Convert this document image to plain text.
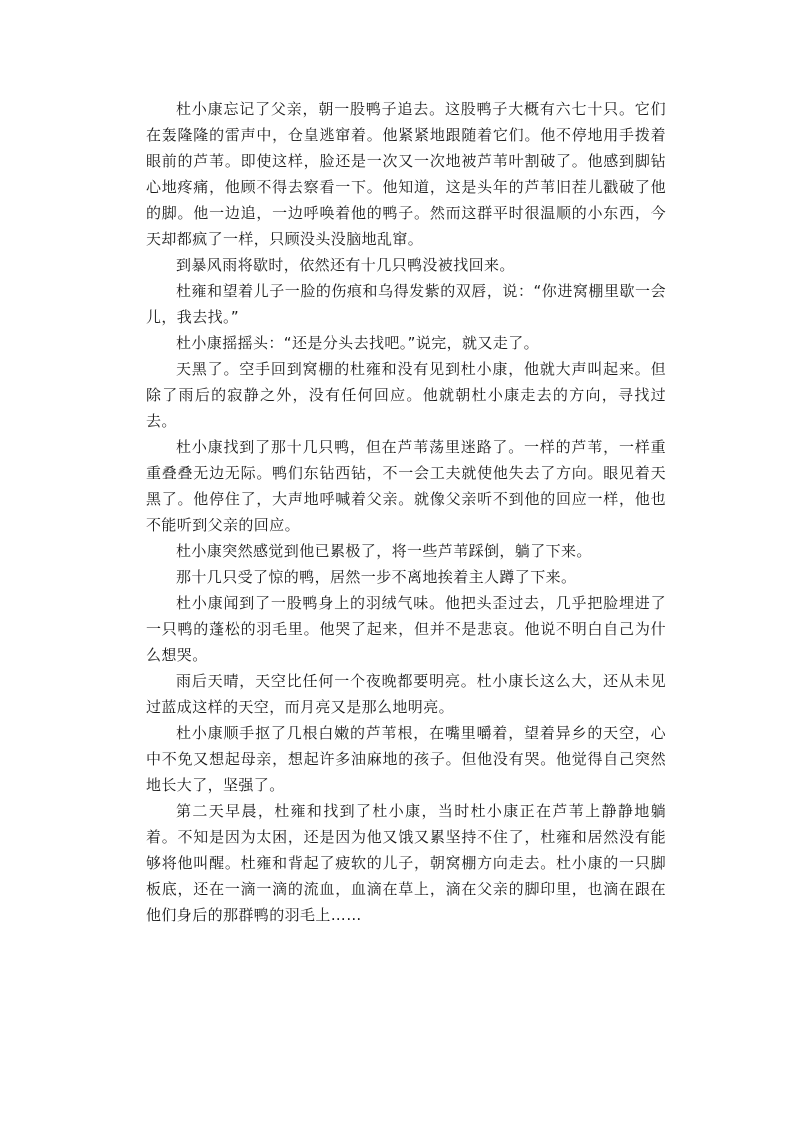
杜小康忘记了父亲，朝一股鸭子追去。这股鸭子大概有六七十只。它们在轰隆隆的雷声中，仓皇逃窜着。他紧紧地跟随着它们。他不停地用手拨着眼前的芦苇。即使这样，脸还是一次又一次地被芦苇叶割破了。他感到脚钻心地疼痛，他顾不得去察看一下。他知道，这是头年的芦苇旧茬儿戳破了他的脚。他一边追，一边呼唤着他的鸭子。然而这群平时很温顺的小东西，今天却都疯了一样，只顾没头没脑地乱窜。

到暴风雨将歇时，依然还有十几只鸭没被找回来。

杜雍和望着儿子一脸的伤痕和乌得发紫的双唇，说：“你进窝棚里歇一会儿，我去找。”

杜小康摇摇头：“还是分头去找吧。”说完，就又走了。

天黑了。空手回到窝棚的杜雍和没有见到杜小康，他就大声叫起来。但除了雨后的寂静之外，没有任何回应。他就朝杜小康走去的方向，寻找过去。

杜小康找到了那十几只鸭，但在芦苇荡里迷路了。一样的芦苇，一样重重叠叠无边无际。鸭们东钻西钻，不一会工夫就使他失去了方向。眼见着天黑了。他停住了，大声地呼喊着父亲。就像父亲听不到他的回应一样，他也不能听到父亲的回应。

杜小康突然感觉到他已累极了，将一些芦苇踩倒，躺了下来。

那十几只受了惊的鸭，居然一步不离地挨着主人蹲了下来。

杜小康闻到了一股鸭身上的羽绒气味。他把头歪过去，几乎把脸埋进了一只鸭的蓬松的羽毛里。他哭了起来，但并不是悲哀。他说不明白自己为什么想哭。

雨后天晴，天空比任何一个夜晚都要明亮。杜小康长这么大，还从未见过蓝成这样的天空，而月亮又是那么地明亮。

杜小康顺手抠了几根白嫩的芦苇根，在嘴里嚼着，望着异乡的天空，心中不免又想起母亲，想起许多油麻地的孩子。但他没有哭。他觉得自己突然地长大了，坚强了。

第二天早晨，杜雍和找到了杜小康，当时杜小康正在芦苇上静静地躺着。不知是因为太困，还是因为他又饿又累坚持不住了，杜雍和居然没有能够将他叫醒。杜雍和背起了疲软的儿子，朝窝棚方向走去。杜小康的一只脚板底，还在一滴一滴的流血，血滴在草上，滴在父亲的脚印里，也滴在跟在他们身后的那群鸭的羽毛上……
